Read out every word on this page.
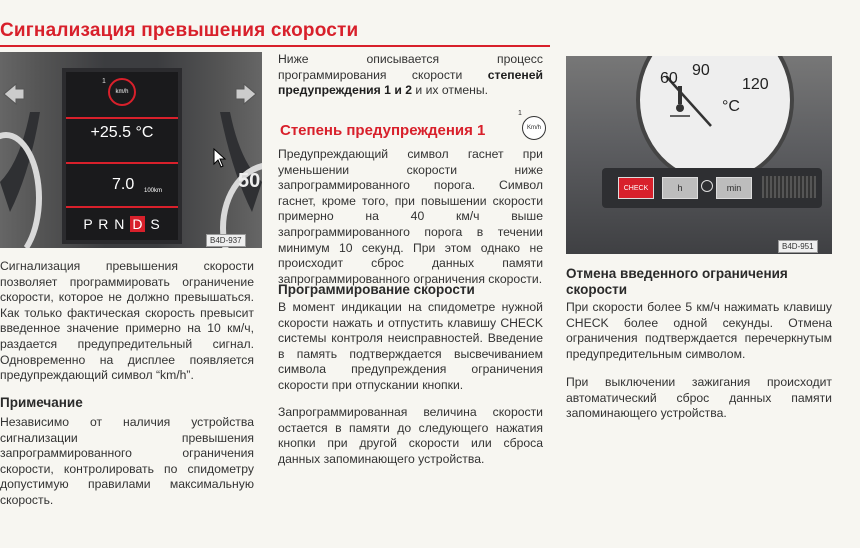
Сигнализация превышения скорости
50
1
km/h
+25.5 °C
7.0 100km
P R N D S
B4D-937
Сигнализация превышения скорости позволяет программировать ограничение скорости, которое не должно превышаться. Как только фактическая скорость превысит введенное значение примерно на 10 км/ч, раздается предупредительный сигнал. Одновременно на дисплее появляется предупреждающий символ “km/h”.
Примечание
Независимо от наличия устройства сигнализации превышения запрограммированного ограничения скорости, контролировать по спидометру допустимую правилами максимальную скорость.
Ниже описывается процесс программирования скорости степеней предупреждения 1 и 2 и их отмены.
Степень предупреждения 1
1
Km/h
Предупреждающий символ гаснет при уменьшении скорости ниже запрограммированного порога. Символ гаснет, кроме того, при повышении скорости примерно на 40 км/ч выше запрограммированного порога в течении минимум 10 секунд. При этом однако не происходит сброс данных памяти запрограммированного ограничения скорости.
Программирование скорости
В момент индикации на спидометре нужной скорости нажать и отпустить клавишу CHECK системы контроля неисправностей. Введение в память подтверждается высвечиванием символа предупреждения ограничения скорости при отпускании кнопки.
Запрограммированная величина скорости остается в памяти до следующего нажатия кнопки при другой скорости или сброса данных запоминающего устройства.
60 90
120
°C
CHECK	h	min
B4D-951
Отмена введенного ограничения скорости
При скорости более 5 км/ч нажимать клавишу CHECK более одной секунды. Отмена ограничения подтверждается перечеркнутым предупредительным символом.
При выключении зажигания происходит автоматический сброс данных памяти запоминающего устройства.
